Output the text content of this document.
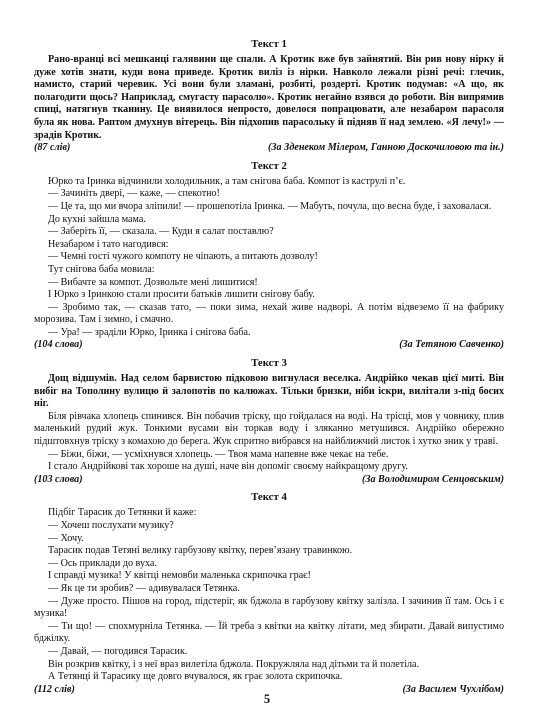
Текст 1

Рано-вранці всі мешканці галявини ще спали. А Кротик вже був зайнятий. Він рив нову нірку й дуже хотів знати, куди вона приведе. Кротик виліз із нірки. Навколо лежали різні речі: глечик, намисто, старий черевик. Усі вони були зламані, розбиті, роздерті. Кротик подумав: «А що, як полагодити щось? Наприклад, смугасту парасолю». Кротик негайно взявся до роботи. Він випрямив спиці, натягнув тканину. Це виявилося непросто, довелося попрацювати, але незабаром парасоля була як нова. Раптом дмухнув вітерець. Він підхопив парасольку й підняв її над землею. «Я лечу!» — зрадів Кротик.

(87 слів)	(За Зденеком Мілером, Ганною Доскочиловою та ін.)
Текст 2

Юрко та Іринка відчинили холодильник, а там снігова баба. Компот із каструлі п’є.

— Зачиніть двері, — каже, — спекотно!

— Це та, що ми вчора зліпили! — прошепотіла Іринка. — Мабуть, почула, що весна буде, і заховалася.

До кухні зайшла мама.

— Заберіть її, — сказала. — Куди я салат поставлю?

Незабаром і тато нагодився:

— Чемні гості чужого компоту не чіпають, а питають дозволу!

Тут снігова баба мовила:

— Вибачте за компот. Дозвольте мені лишитися!

І Юрко з Іринкою стали просити батьків лишити снігову бабу.

— Зробимо так, — сказав тато, — поки зима, нехай живе надворі. А потім відвеземо її на фабрику морозива. Там і зимно, і смачно.

— Ура! — зраділи Юрко, Іринка і снігова баба.

(104 слова)	(За Тетяною Савченко)
Текст 3

Дощ відшумів. Над селом барвистою підковою вигнулася веселка. Андрійко чекав цієї миті. Він вибіг на Тополину вулицю й залопотів по калюжах. Тільки бризки, ніби іскри, вилітали з-під босих ніг.

Біля рівчака хлопець спинився. Він побачив тріску, що гойдалася на воді. На трісці, мов у човнику, плив маленький рудий жук. Тонкими вусами він торкав воду і зляканно метушився. Андрійко обережно підштовхнув тріску з комахою до берега. Жук спритно вибрався на найближчий листок і хутко зник у траві.

— Біжи, біжи, — усміхнувся хлопець. — Твоя мама напевне вже чекає на тебе.

І стало Андрійкові так хороше на душі, наче він допоміг своєму найкращому другу.

(103 слова)	(За Володимиром Сенцовським)
Текст 4

Підбіг Тарасик до Тетянки й каже:

— Хочеш послухати музику?

— Хочу.

Тарасик подав Тетяні велику гарбузову квітку, перев’язану травинкою.

— Ось приклади до вуха.

І справді музика! У квітці немовби маленька скрипочка грає!

— Як це ти зробив? — адивувалася Тетянка.

— Дуже просто. Пішов на город, підстеріг, як бджола в гарбузову квітку залізла. І зачинив її там. Ось і є музика!

— Ти що! — спохмурніла Тетянка. — Їй треба з квітки на квітку літати, мед збирати. Давай випустимо бджілку.

— Давай, — погодився Тарасик.

Він розкрив квітку, і з неї враз вилетіла бджола. Покружляла над дітьми та й полетіла.

А Тетянці й Тарасику ще довго вчувалося, як грає золота скрипочка.

(112 слів)	(За Василем Чухлібом)
5
